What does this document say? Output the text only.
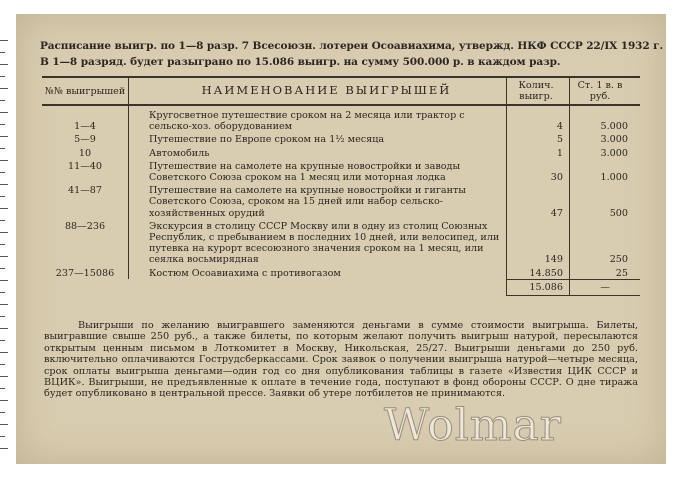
Расписание выигр. по 1—8 разр. 7 Всесоюзн. лотереи Осоавиахима, утвержд. НКФ СССР 22/IX 1932 г.
В 1—8 разряд. будет разыграно по 15.086 выигр. на сумму 500.000 р. в каждом разр.
№№ выигрышей	НАИМЕНОВАНИЕ ВЫИГРЫШЕЙ	Колич. выигр.	Ст. 1 в. в руб.
1—4	Кругосветное путешествие сроком на 2 месяца или трактор с сельско-хоз. оборудованием	4	5.000
5—9	Путешествие по Европе сроком на 1½ месяца	5	3.000
10	Автомобиль	1	3.000
11—40	Путешествие на самолете на крупные новостройки и заводы Советского Союза сроком на 1 месяц или моторная лодка	30	1.000
41—87	Путешествие на самолете на крупные новостройки и гиганты Советского Союза, сроком на 15 дней или набор сельско-хозяйственных орудий	47	500
88—236	Экскурсия в столицу СССР Москву или в одну из столиц Союзных Республик, с пребыванием в последних 10 дней, или велосипед, или путевка на курорт всесоюзного значения сроком на 1 месяц, или сеялка восьмирядная	149	250
237—15086	Костюм Осоавиахима с противогазом	14.850	25
		15.086	—
Выигрыши по желанию выигравшего заменяются деньгами в сумме стоимости выигрыша. Билеты, выигравшие свыше 250 руб., а также билеты, по которым желают получить выигрыш натурой, пересылаются открытым ценным письмом в Лоткомитет в Москву, Никольская, 25/27. Выигрыши деньгами до 250 руб. включительно оплачиваются Гострудсберкассами. Срок заявок о получении выигрыша натурой—четыре месяца, срок оплаты выигрыша деньгами—один год со дня опубликования таблицы в газете «Известия ЦИК СССР и ВЦИК». Выигрыши, не предъявленные к оплате в течение года, поступают в фонд обороны СССР. О дне тиража будет опубликовано в центральной прессе. Заявки об утере лотбилетов не принимаются.
Wolmar
